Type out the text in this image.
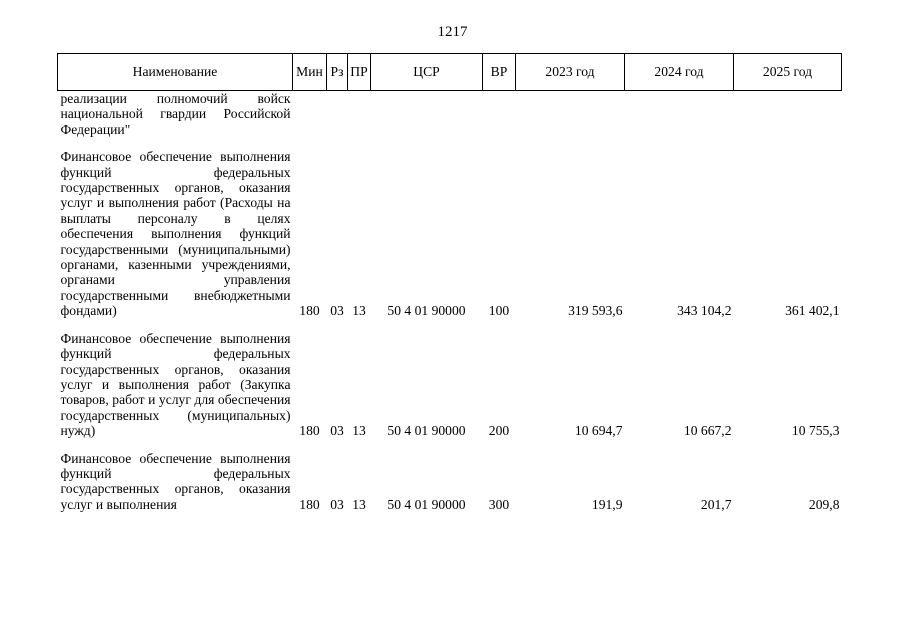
1217
Наименование	Мин	Рз	ПР	ЦСР	ВР	2023 год	2024 год	2025 год
реализации полномочий войск национальной гвардии Российской Федерации"								
Финансовое обеспечение выполнения функций федеральных государственных органов, оказания услуг и выполнения работ (Расходы на выплаты персоналу в целях обеспечения выполнения функций государственными (муниципальными) органами, казенными учреждениями, органами управления государственными внебюджетными фондами)	180	03	13	50 4 01 90000	100	319 593,6	343 104,2	361 402,1
Финансовое обеспечение выполнения функций федеральных государственных органов, оказания услуг и выполнения работ (Закупка товаров, работ и услуг для обеспечения государственных (муниципальных) нужд)	180	03	13	50 4 01 90000	200	10 694,7	10 667,2	10 755,3
Финансовое обеспечение выполнения функций федеральных государственных органов, оказания услуг и выполнения	180	03	13	50 4 01 90000	300	191,9	201,7	209,8
